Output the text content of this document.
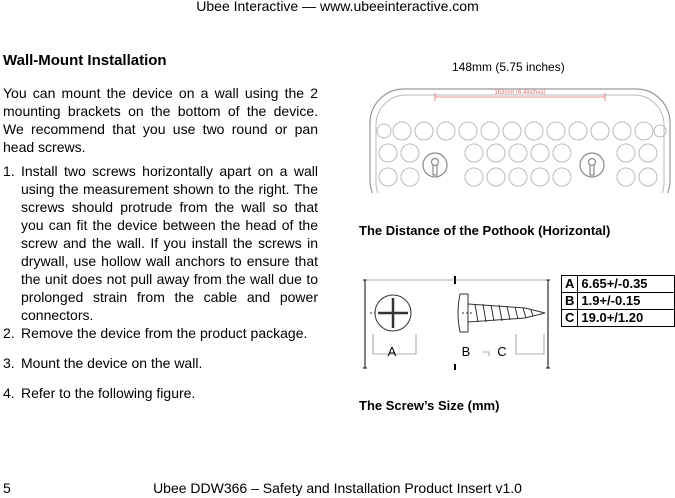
Ubee Interactive — www.ubeeinteractive.com
Wall-Mount Installation
You can mount the device on a wall using the 2 mounting brackets on the bottom of the device. We recommend that you use two round or pan head screws.
1. Install two screws horizontally apart on a wall using the measurement shown to the right. The screws should protrude from the wall so that you can fit the device between the head of the screw and the wall. If you install the screws in drywall, use hollow wall anchors to ensure that the unit does not pull away from the wall due to prolonged strain from the cable and power connectors.
2. Remove the device from the product package.
3. Mount the device on the wall.
4. Refer to the following figure.
148mm (5.75 inches)
163mm (6.4inches)
The Distance of the Pothook (Horizontal)
A	B C
A	6.65+/-0.35
B	1.9+/-0.15
C	19.0+/1.20
The Screw’s Size (mm)
Ubee DDW366 – Safety and Installation Product Insert v1.0
5
